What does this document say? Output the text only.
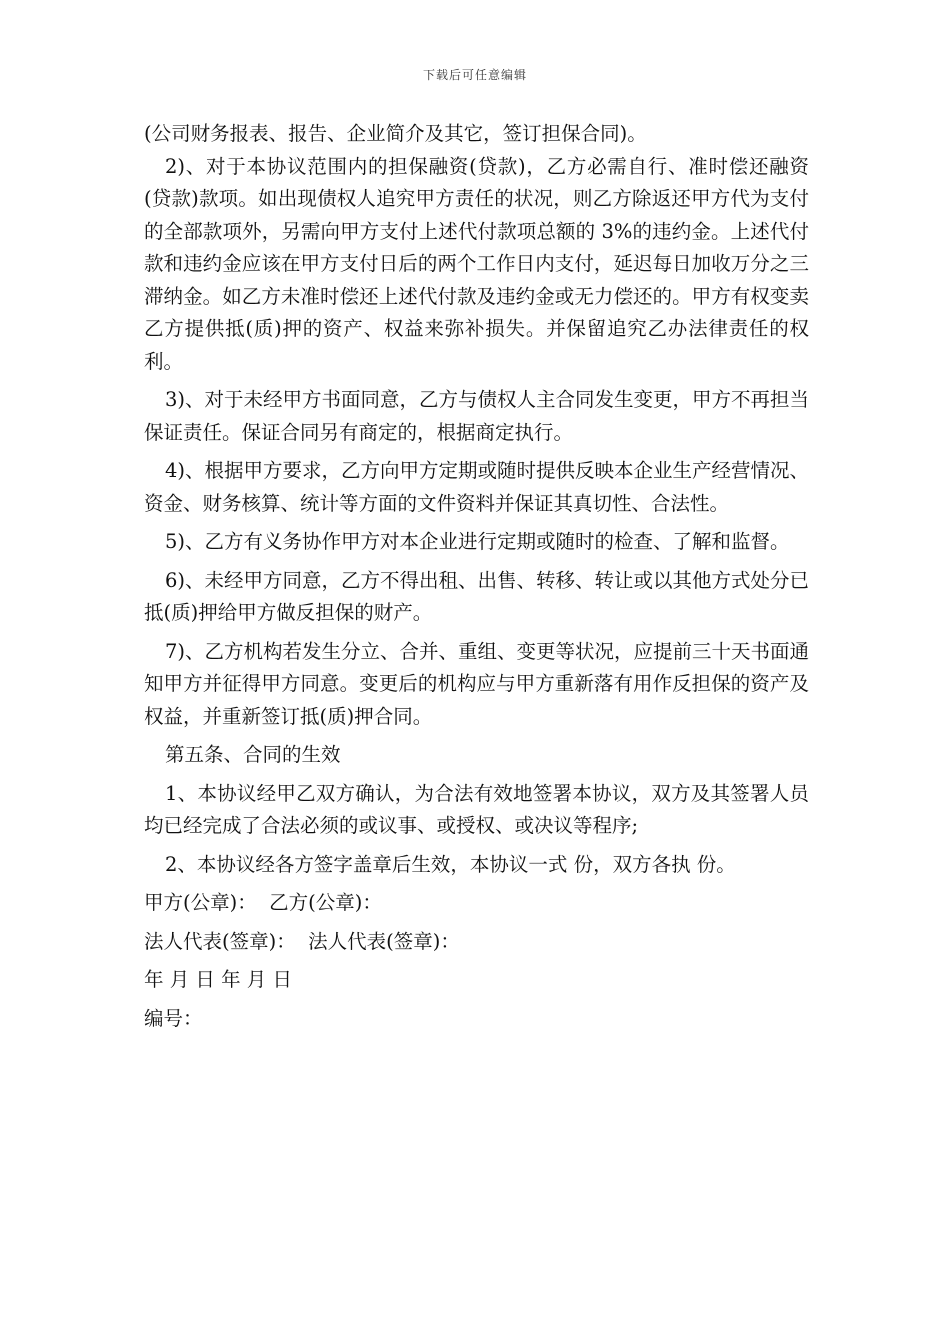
下载后可任意编辑

(公司财务报表、报告、企业简介及其它，签订担保合同)。

2)、对于本协议范围内的担保融资(贷款)，乙方必需自行、准时偿还融资(贷款)款项。如出现债权人追究甲方责任的状况，则乙方除返还甲方代为支付的全部款项外，另需向甲方支付上述代付款项总额的 3%的违约金。上述代付款和违约金应该在甲方支付日后的两个工作日内支付，延迟每日加收万分之三滞纳金。如乙方未准时偿还上述代付款及违约金或无力偿还的。甲方有权变卖乙方提供抵(质)押的资产、权益来弥补损失。并保留追究乙办法律责任的权利。

3)、对于未经甲方书面同意，乙方与债权人主合同发生变更，甲方不再担当保证责任。保证合同另有商定的，根据商定执行。

4)、根据甲方要求，乙方向甲方定期或随时提供反映本企业生产经营情况、资金、财务核算、统计等方面的文件资料并保证其真切性、合法性。

5)、乙方有义务协作甲方对本企业进行定期或随时的检查、了解和监督。

6)、未经甲方同意，乙方不得出租、出售、转移、转让或以其他方式处分已抵(质)押给甲方做反担保的财产。

7)、乙方机构若发生分立、合并、重组、变更等状况，应提前三十天书面通知甲方并征得甲方同意。变更后的机构应与甲方重新落有用作反担保的资产及权益，并重新签订抵(质)押合同。

第五条、合同的生效

1、本协议经甲乙双方确认，为合法有效地签署本协议，双方及其签署人员均已经完成了合法必须的或议事、或授权、或决议等程序;

2、本协议经各方签字盖章后生效，本协议一式 份，双方各执 份。

甲方(公章)：  乙方(公章)：

法人代表(签章)：  法人代表(签章)：

年 月 日 年 月 日

编号：
